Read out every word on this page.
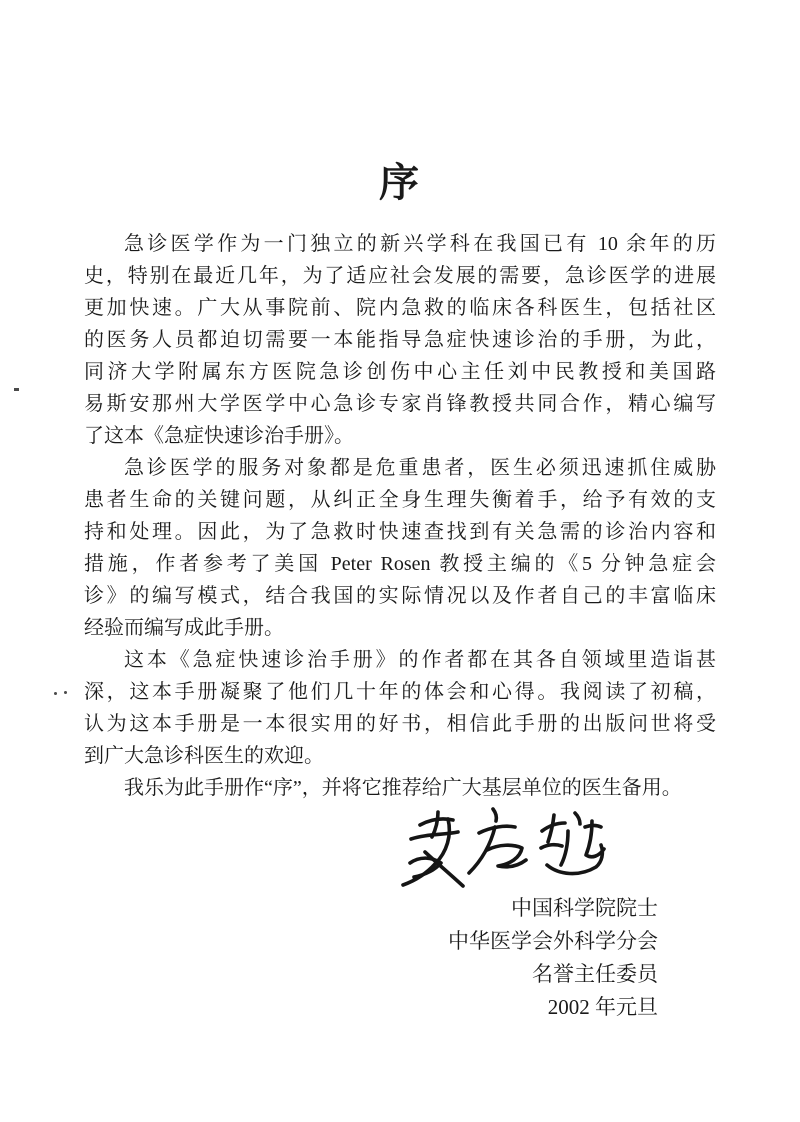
序
急诊医学作为一门独立的新兴学科在我国已有 10 余年的历
史，特别在最近几年，为了适应社会发展的需要，急诊医学的进展
更加快速。广大从事院前、院内急救的临床各科医生，包括社区
的医务人员都迫切需要一本能指导急症快速诊治的手册，为此，
同济大学附属东方医院急诊创伤中心主任刘中民教授和美国路
易斯安那州大学医学中心急诊专家肖锋教授共同合作，精心编写
了这本《急症快速诊治手册》。
急诊医学的服务对象都是危重患者，医生必须迅速抓住威胁
患者生命的关键问题，从纠正全身生理失衡着手，给予有效的支
持和处理。因此，为了急救时快速查找到有关急需的诊治内容和
措施，作者参考了美国 Peter Rosen 教授主编的《5 分钟急症会
诊》的编写模式，结合我国的实际情况以及作者自己的丰富临床
经验而编写成此手册。
这本《急症快速诊治手册》的作者都在其各自领域里造诣甚
深，这本手册凝聚了他们几十年的体会和心得。我阅读了初稿，
认为这本手册是一本很实用的好书，相信此手册的出版问世将受
到广大急诊科医生的欢迎。
我乐为此手册作“序”，并将它推荐给广大基层单位的医生备用。
中国科学院院士
中华医学会外科学分会
名誉主任委员
2002 年元旦
